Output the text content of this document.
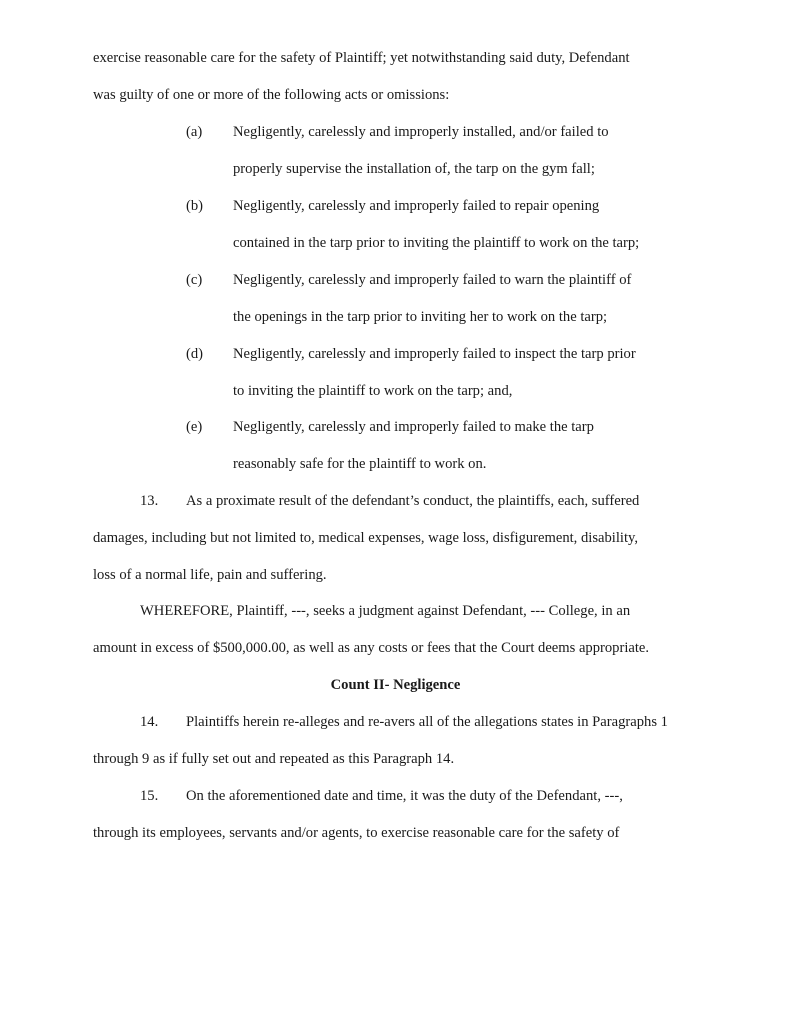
exercise reasonable care for the safety of Plaintiff; yet notwithstanding said duty, Defendant
was guilty of one or more of the following acts or omissions:
(a) Negligently, carelessly and improperly installed, and/or failed to
properly supervise the installation of, the tarp on the gym fall;
(b) Negligently, carelessly and improperly failed to repair opening
contained in the tarp prior to inviting the plaintiff to work on the tarp;
(c) Negligently, carelessly and improperly failed to warn the plaintiff of
the openings in the tarp prior to inviting her to work on the tarp;
(d) Negligently, carelessly and improperly failed to inspect the tarp prior
to inviting the plaintiff to work on the tarp; and,
(e) Negligently, carelessly and improperly failed to make the tarp
reasonably safe for the plaintiff to work on.
13. As a proximate result of the defendant’s conduct, the plaintiffs, each, suffered
damages, including but not limited to, medical expenses, wage loss, disfigurement, disability,
loss of a normal life, pain and suffering.
WHEREFORE, Plaintiff, ---, seeks a judgment against Defendant, --- College, in an
amount in excess of $500,000.00, as well as any costs or fees that the Court deems appropriate.
Count II- Negligence
14. Plaintiffs herein re-alleges and re-avers all of the allegations states in Paragraphs 1
through 9 as if fully set out and repeated as this Paragraph 14.
15. On the aforementioned date and time, it was the duty of the Defendant, ---,
through its employees, servants and/or agents, to exercise reasonable care for the safety of
